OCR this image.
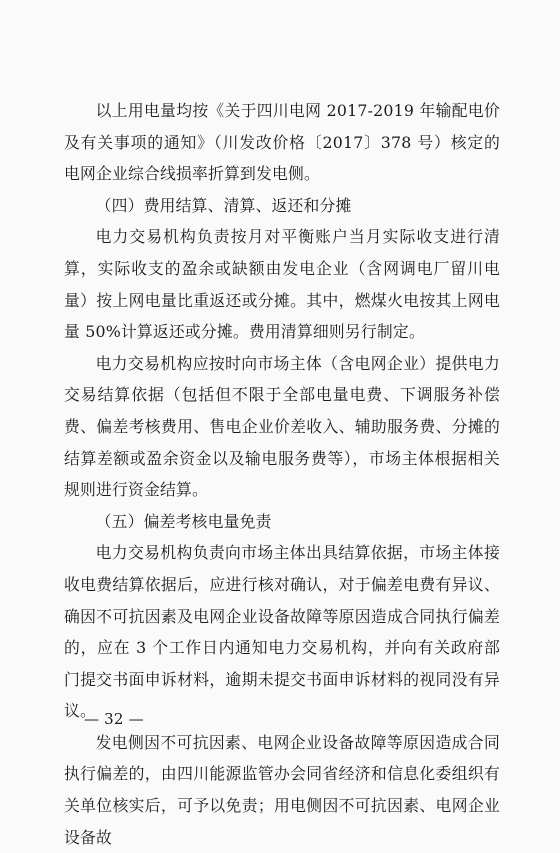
以上用电量均按《关于四川电网 2017-2019 年输配电价及有关事项的通知》（川发改价格〔2017〕378 号）核定的电网企业综合线损率折算到发电侧。

（四）费用结算、清算、返还和分摊

电力交易机构负责按月对平衡账户当月实际收支进行清算，实际收支的盈余或缺额由发电企业（含网调电厂留川电量）按上网电量比重返还或分摊。其中，燃煤火电按其上网电量 50%计算返还或分摊。费用清算细则另行制定。

电力交易机构应按时向市场主体（含电网企业）提供电力交易结算依据（包括但不限于全部电量电费、下调服务补偿费、偏差考核费用、售电企业价差收入、辅助服务费、分摊的结算差额或盈余资金以及输电服务费等），市场主体根据相关规则进行资金结算。

（五）偏差考核电量免责

电力交易机构负责向市场主体出具结算依据，市场主体接收电费结算依据后，应进行核对确认，对于偏差电费有异议、确因不可抗因素及电网企业设备故障等原因造成合同执行偏差的，应在 3 个工作日内通知电力交易机构，并向有关政府部门提交书面申诉材料，逾期未提交书面申诉材料的视同没有异议。

发电侧因不可抗因素、电网企业设备故障等原因造成合同执行偏差的，由四川能源监管办会同省经济和信息化委组织有关单位核实后，可予以免责；用电侧因不可抗因素、电网企业设备故

— 32 —
